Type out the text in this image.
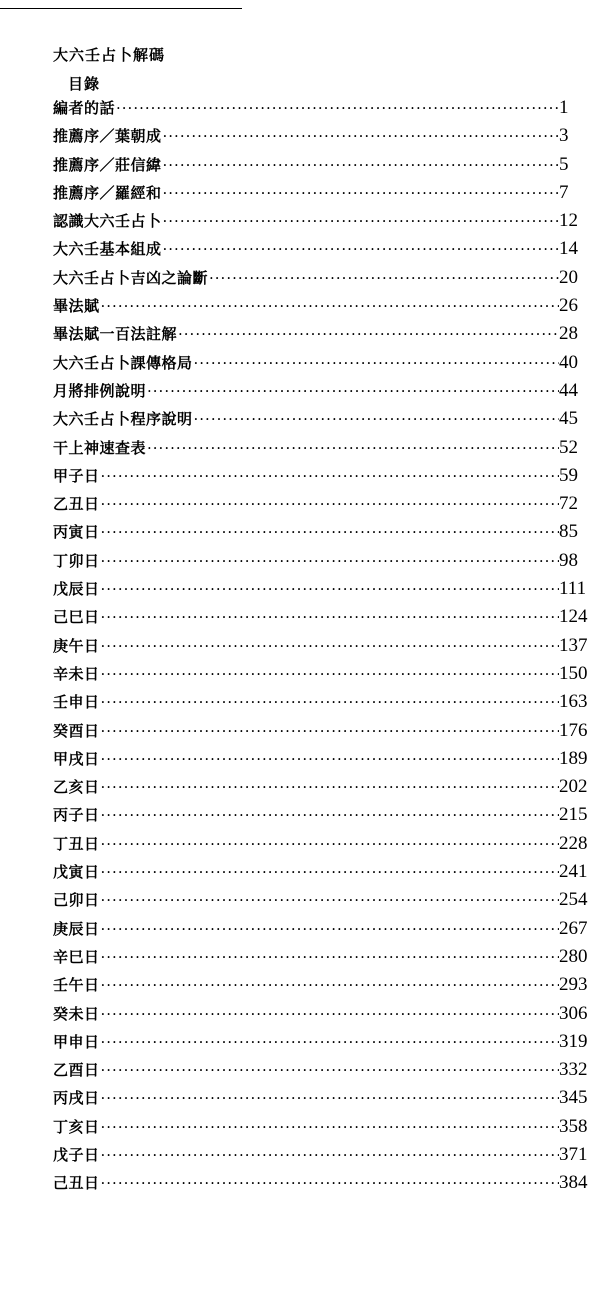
大六壬占卜解碼
目錄
編者的話 ·····	1
推薦序／葉朝成 ·····	3
推薦序／莊信緯 ·····	5
推薦序／羅經和 ·····	7
認識大六壬占卜 ·····	12
大六壬基本組成 ·····	14
大六壬占卜吉凶之論斷 ·····	20
畢法賦 ·····	26
畢法賦一百法註解 ·····	28
大六壬占卜課傳格局 ·····	40
月將排例說明 ·····	44
大六壬占卜程序說明 ·····	45
干上神速查表 ·····	52
甲子日 ·····	59
乙丑日 ·····	72
丙寅日 ·····	85
丁卯日 ·····	98
戊辰日 ·····	111
己巳日 ·····	124
庚午日 ·····	137
辛未日 ·····	150
壬申日 ·····	163
癸酉日 ·····	176
甲戌日 ·····	189
乙亥日 ·····	202
丙子日 ·····	215
丁丑日 ·····	228
戊寅日 ·····	241
己卯日 ·····	254
庚辰日 ·····	267
辛巳日 ·····	280
壬午日 ·····	293
癸未日 ·····	306
甲申日 ·····	319
乙酉日 ·····	332
丙戌日 ·····	345
丁亥日 ·····	358
戊子日 ·····	371
己丑日 ·····	384
